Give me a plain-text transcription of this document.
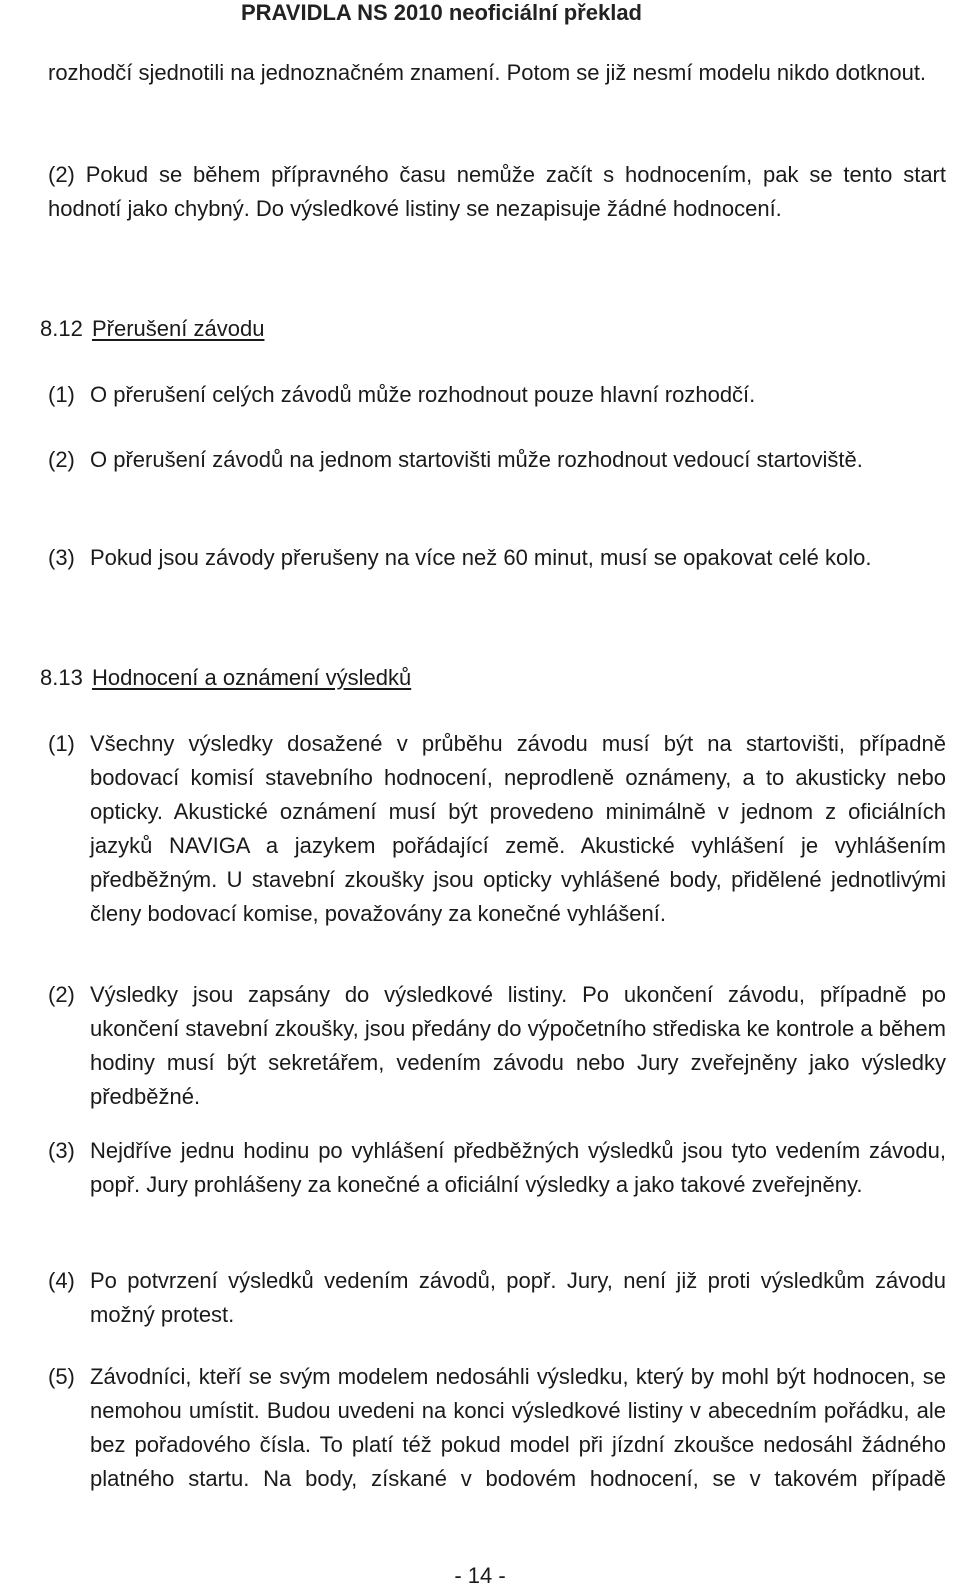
PRAVIDLA NS 2010 neoficiální překlad
rozhodčí sjednotili na jednoznačném znamení. Potom se již nesmí modelu nikdo dotknout.
(2) Pokud se během přípravného času nemůže začít s hodnocením, pak se tento start hodnotí jako chybný. Do výsledkové listiny se nezapisuje žádné hodnocení.
8.12 Přerušení závodu
(1) O přerušení celých závodů může rozhodnout pouze hlavní rozhodčí.
(2) O přerušení závodů na jednom startovišti může rozhodnout vedoucí startoviště.
(3) Pokud jsou závody přerušeny na více než 60 minut, musí se opakovat celé kolo.
8.13 Hodnocení a oznámení výsledků
(1) Všechny výsledky dosažené v průběhu závodu musí být na startovišti, případně bodovací komisí stavebního hodnocení, neprodleně oznámeny, a to akusticky nebo opticky. Akustické oznámení musí být provedeno minimálně v jednom z oficiálních jazyků NAVIGA a jazykem pořádající země. Akustické vyhlášení je vyhlášením předběžným. U stavební zkoušky jsou opticky vyhlášené body, přidělené jednotlivými členy bodovací komise, považovány za konečné vyhlášení.
(2) Výsledky jsou zapsány do výsledkové listiny. Po ukončení závodu, případně po ukončení stavební zkoušky, jsou předány do výpočetního střediska ke kontrole a během hodiny musí být sekretářem, vedením závodu nebo Jury zveřejněny jako výsledky předběžné.
(3) Nejdříve jednu hodinu po vyhlášení předběžných výsledků jsou tyto vedením závodu, popř. Jury prohlášeny za konečné a oficiální výsledky a jako takové zveřejněny.
(4) Po potvrzení výsledků vedením závodů, popř. Jury, není již proti výsledkům závodu možný protest.
(5) Závodníci, kteří se svým modelem nedosáhli výsledku, který by mohl být hodnocen, se nemohou umístit. Budou uvedeni na konci výsledkové listiny v abecedním pořádku, ale bez pořadového čísla. To platí též pokud model při jízdní zkoušce nedosáhl žádného platného startu. Na body, získané v bodovém hodnocení, se v takovém případě
- 14 -
